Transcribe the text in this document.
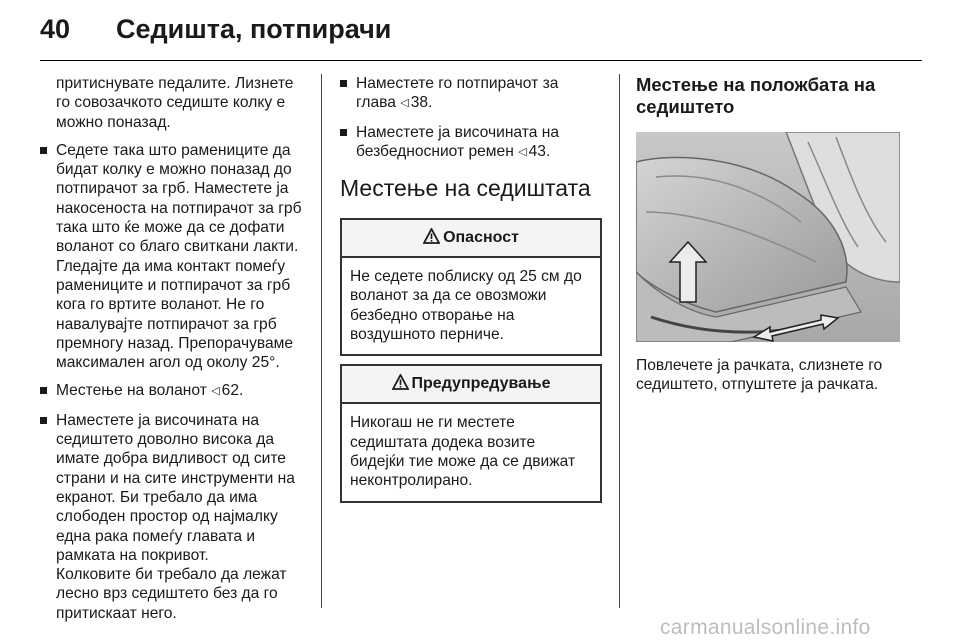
40 Седишта, потпирачи

притиснувате педалите. Лизнете го совозачкото седиште колку е можно поназад.

Седете така што рамениците да бидат колку е можно поназад до потпирачот за грб. Наместете ја накосеноста на потпирачот за грб така што ќе може да се дофати воланот со благо свиткани лакти. Гледајте да има контакт помеѓу рамениците и потпирачот за грб кога го вртите воланот. Не го навалувајте потпирачот за грб премногу назад. Препорачуваме максимален агол од околу 25°.
Местење на воланот ◁ 62.
Наместете ја височината на седиштето доволно висока да имате добра видливост од сите страни и на сите инструменти на екранот. Би требало да има слободен простор од најмалку една рака помеѓу главата и рамката на покривот.

Колковите би требало да лежат лесно врз седиштето без да го притискаат него.

Наместете го потпирачот за глава ◁ 38.
Наместете ја височината на безбедносниот ремен ◁ 43.
Местење на седиштата
Опасност
Не седете поблиску од 25 см до воланот за да се овозможи безбедно отворање на воздушното перниче.
Предупредување
Никогаш не ги местете седиштата додека возите бидејќи тие може да се движат неконтролирано.
Местење на положбата на седиштето

Повлечете ја рачката, слизнете го седиштето, отпуштете ја рачката.

carmanualsonline.info
